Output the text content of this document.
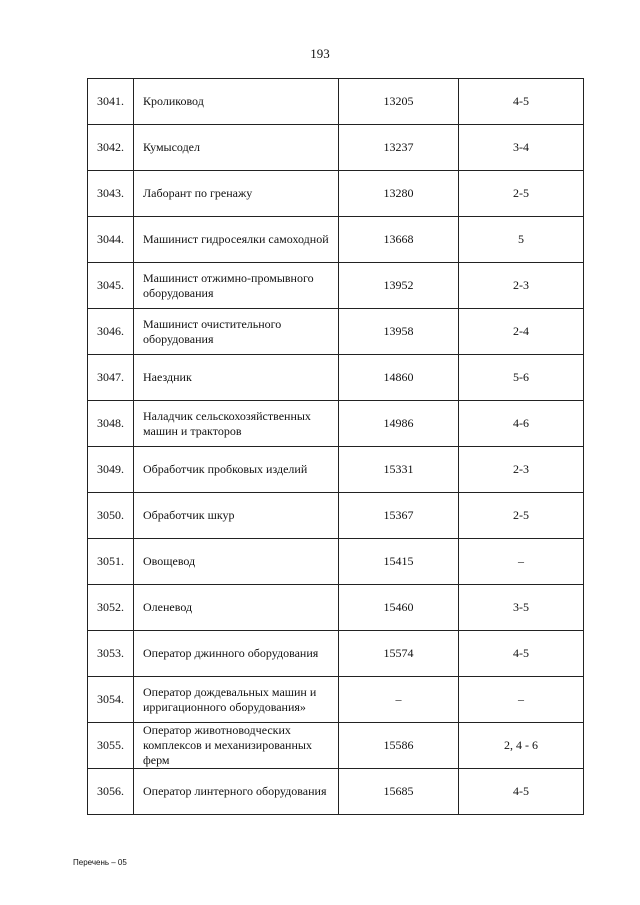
193
3041.	Кроликовод	13205	4-5
3042.	Кумысодел	13237	3-4
3043.	Лаборант по гренажу	13280	2-5
3044.	Машинист гидросеялки самоходной	13668	5
3045.	Машинист отжимно-промывного оборудования	13952	2-3
3046.	Машинист очистительного оборудования	13958	2-4
3047.	Наездник	14860	5-6
3048.	Наладчик сельскохозяйственных машин и тракторов	14986	4-6
3049.	Обработчик пробковых изделий	15331	2-3
3050.	Обработчик шкур	15367	2-5
3051.	Овощевод	15415	–
3052.	Оленевод	15460	3-5
3053.	Оператор джинного оборудования	15574	4-5
3054.	Оператор дождевальных машин и ирригационного оборудования»	–	–
3055.	Оператор животноводческих комплексов и механизированных ферм	15586	2, 4 - 6
3056.	Оператор линтерного оборудования	15685	4-5
Перечень – 05
